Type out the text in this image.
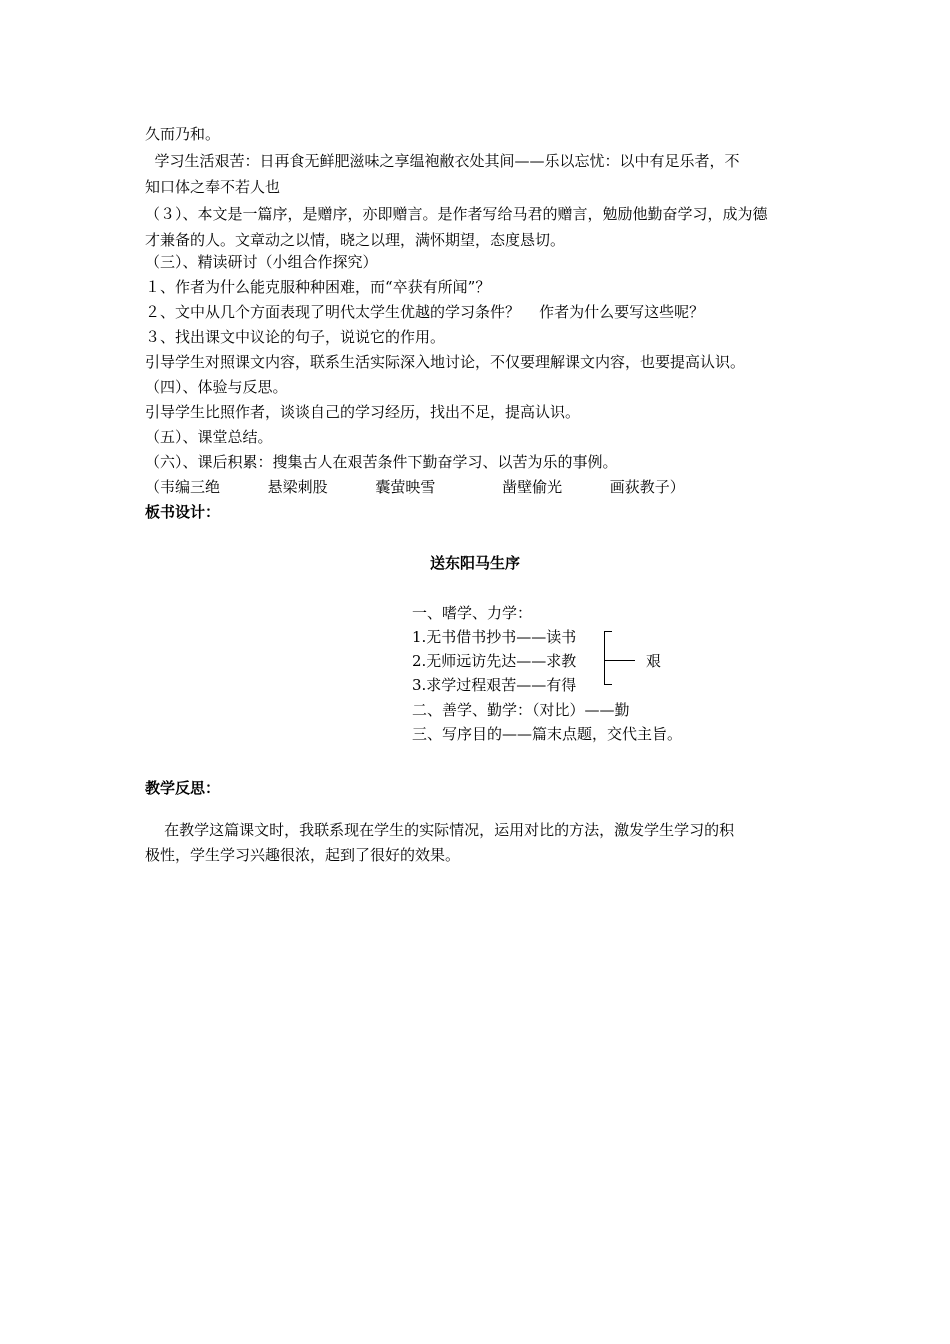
久而乃和。
学习生活艰苦：日再食无鲜肥滋味之享缊袍敝衣处其间——乐以忘忧：以中有足乐者，不
知口体之奉不若人也
（３）、本文是一篇序，是赠序，亦即赠言。是作者写给马君的赠言，勉励他勤奋学习，成为德
才兼备的人。文章动之以情，晓之以理，满怀期望，态度恳切。
（三）、精读研讨（小组合作探究）
１、作者为什么能克服种种困难，而“卒获有所闻”？
２、文中从几个方面表现了明代太学生优越的学习条件？    作者为什么要写这些呢？
３、找出课文中议论的句子，说说它的作用。
引导学生对照课文内容，联系生活实际深入地讨论，不仅要理解课文内容，也要提高认识。
（四）、体验与反思。
引导学生比照作者，谈谈自己的学习经历，找出不足，提高认识。
（五）、课堂总结。
（六）、课后积累：搜集古人在艰苦条件下勤奋学习、以苦为乐的事例。
（韦编三绝          悬梁刺股          囊萤映雪              凿壁偷光          画荻教子）
板书设计：
送东阳马生序
一、嗜学、力学：
1.无书借书抄书——读书
2.无师远访先达——求教
3.求学过程艰苦——有得
二、善学、勤学：（对比）——勤
三、写序目的——篇末点题，交代主旨。
艰
教学反思：
在教学这篇课文时，我联系现在学生的实际情况，运用对比的方法，激发学生学习的积
极性，学生学习兴趣很浓，起到了很好的效果。
